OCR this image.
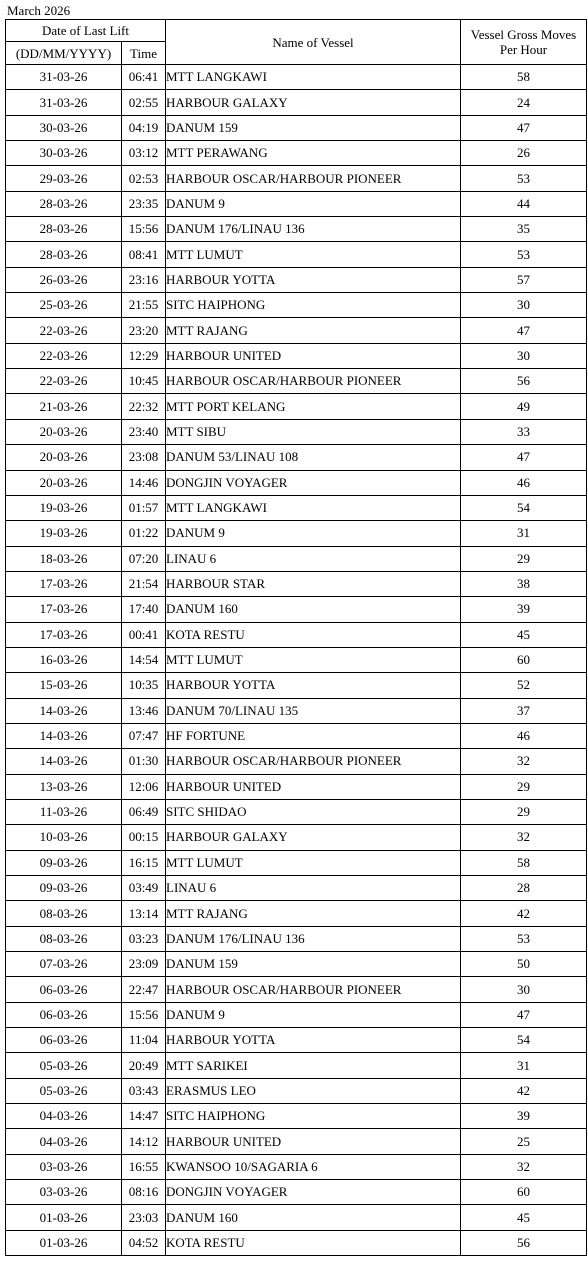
March 2026
Date of Last Lift		Name of Vessel	Vessel Gross Moves
Per Hour
(DD/MM/YYYY)	Time		
31-03-26	06:41	MTT LANGKAWI	58
31-03-26	02:55	HARBOUR GALAXY	24
30-03-26	04:19	DANUM 159	47
30-03-26	03:12	MTT PERAWANG	26
29-03-26	02:53	HARBOUR OSCAR/HARBOUR PIONEER	53
28-03-26	23:35	DANUM 9	44
28-03-26	15:56	DANUM 176/LINAU 136	35
28-03-26	08:41	MTT LUMUT	53
26-03-26	23:16	HARBOUR YOTTA	57
25-03-26	21:55	SITC HAIPHONG	30
22-03-26	23:20	MTT RAJANG	47
22-03-26	12:29	HARBOUR UNITED	30
22-03-26	10:45	HARBOUR OSCAR/HARBOUR PIONEER	56
21-03-26	22:32	MTT PORT KELANG	49
20-03-26	23:40	MTT SIBU	33
20-03-26	23:08	DANUM 53/LINAU 108	47
20-03-26	14:46	DONGJIN VOYAGER	46
19-03-26	01:57	MTT LANGKAWI	54
19-03-26	01:22	DANUM 9	31
18-03-26	07:20	LINAU 6	29
17-03-26	21:54	HARBOUR STAR	38
17-03-26	17:40	DANUM 160	39
17-03-26	00:41	KOTA RESTU	45
16-03-26	14:54	MTT LUMUT	60
15-03-26	10:35	HARBOUR YOTTA	52
14-03-26	13:46	DANUM 70/LINAU 135	37
14-03-26	07:47	HF FORTUNE	46
14-03-26	01:30	HARBOUR OSCAR/HARBOUR PIONEER	32
13-03-26	12:06	HARBOUR UNITED	29
11-03-26	06:49	SITC SHIDAO	29
10-03-26	00:15	HARBOUR GALAXY	32
09-03-26	16:15	MTT LUMUT	58
09-03-26	03:49	LINAU 6	28
08-03-26	13:14	MTT RAJANG	42
08-03-26	03:23	DANUM 176/LINAU 136	53
07-03-26	23:09	DANUM 159	50
06-03-26	22:47	HARBOUR OSCAR/HARBOUR PIONEER	30
06-03-26	15:56	DANUM 9	47
06-03-26	11:04	HARBOUR YOTTA	54
05-03-26	20:49	MTT SARIKEI	31
05-03-26	03:43	ERASMUS LEO	42
04-03-26	14:47	SITC HAIPHONG	39
04-03-26	14:12	HARBOUR UNITED	25
03-03-26	16:55	KWANSOO 10/SAGARIA 6	32
03-03-26	08:16	DONGJIN VOYAGER	60
01-03-26	23:03	DANUM 160	45
01-03-26	04:52	KOTA RESTU	56
